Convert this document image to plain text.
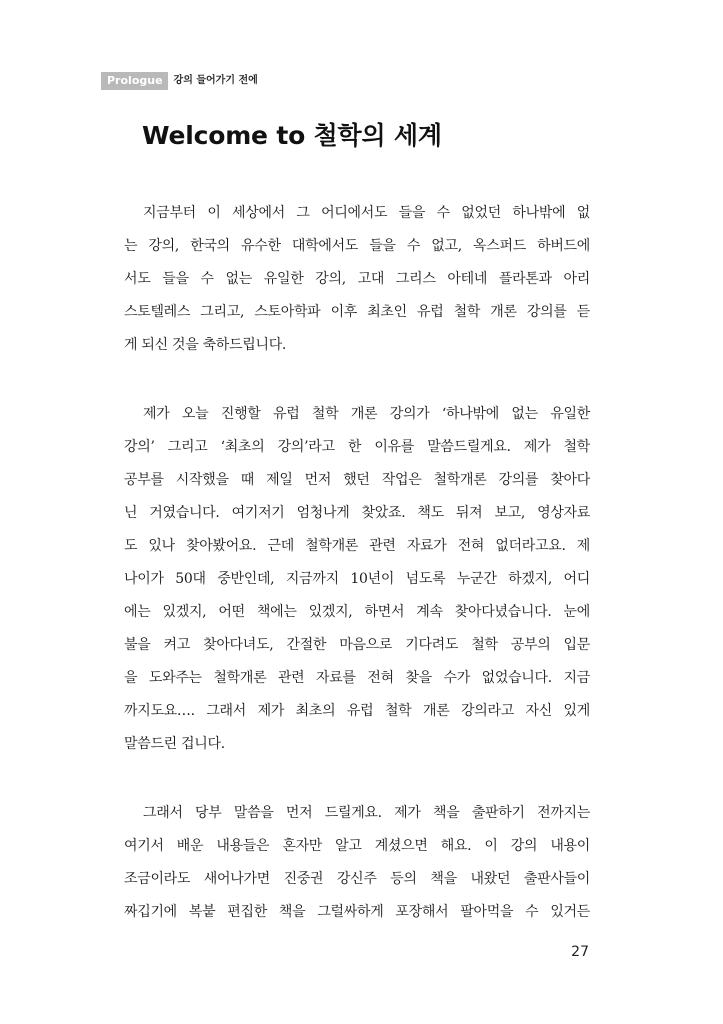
Prologue	강의 들어가기 전에
Welcome to 철학의 세계

지금부터 이 세상에서 그 어디에서도 들을 수 없었던 하나밖에 없
는 강의, 한국의 유수한 대학에서도 들을 수 없고, 옥스퍼드 하버드에
서도 들을 수 없는 유일한 강의, 고대 그리스 아테네 플라톤과 아리
스토텔레스 그리고, 스토아학파 이후 최초인 유럽 철학 개론 강의를 듣
게 되신 것을 축하드립니다.

제가 오늘 진행할 유럽 철학 개론 강의가 ‘하나밖에 없는 유일한
강의’ 그리고 ‘최초의 강의’라고 한 이유를 말씀드릴게요. 제가 철학
공부를 시작했을 때 제일 먼저 했던 작업은 철학개론 강의를 찾아다
닌 거였습니다. 여기저기 엄청나게 찾았죠. 책도 뒤져 보고, 영상자료
도 있나 찾아봤어요. 근데 철학개론 관련 자료가 전혀 없더라고요. 제
나이가 50대 중반인데, 지금까지 10년이 넘도록 누군간 하겠지, 어디
에는 있겠지, 어떤 책에는 있겠지, 하면서 계속 찾아다녔습니다. 눈에
불을 켜고 찾아다녀도, 간절한 마음으로 기다려도 철학 공부의 입문
을 도와주는 철학개론 관련 자료를 전혀 찾을 수가 없었습니다. 지금
까지도요…. 그래서 제가 최초의 유럽 철학 개론 강의라고 자신 있게
말씀드린 겁니다.

그래서 당부 말씀을 먼저 드릴게요. 제가 책을 출판하기 전까지는
여기서 배운 내용들은 혼자만 알고 계셨으면 해요. 이 강의 내용이
조금이라도 새어나가면 진중권 강신주 등의 책을 내왔던 출판사들이
짜깁기에 복붙 편집한 책을 그럴싸하게 포장해서 팔아먹을 수 있거든

27
